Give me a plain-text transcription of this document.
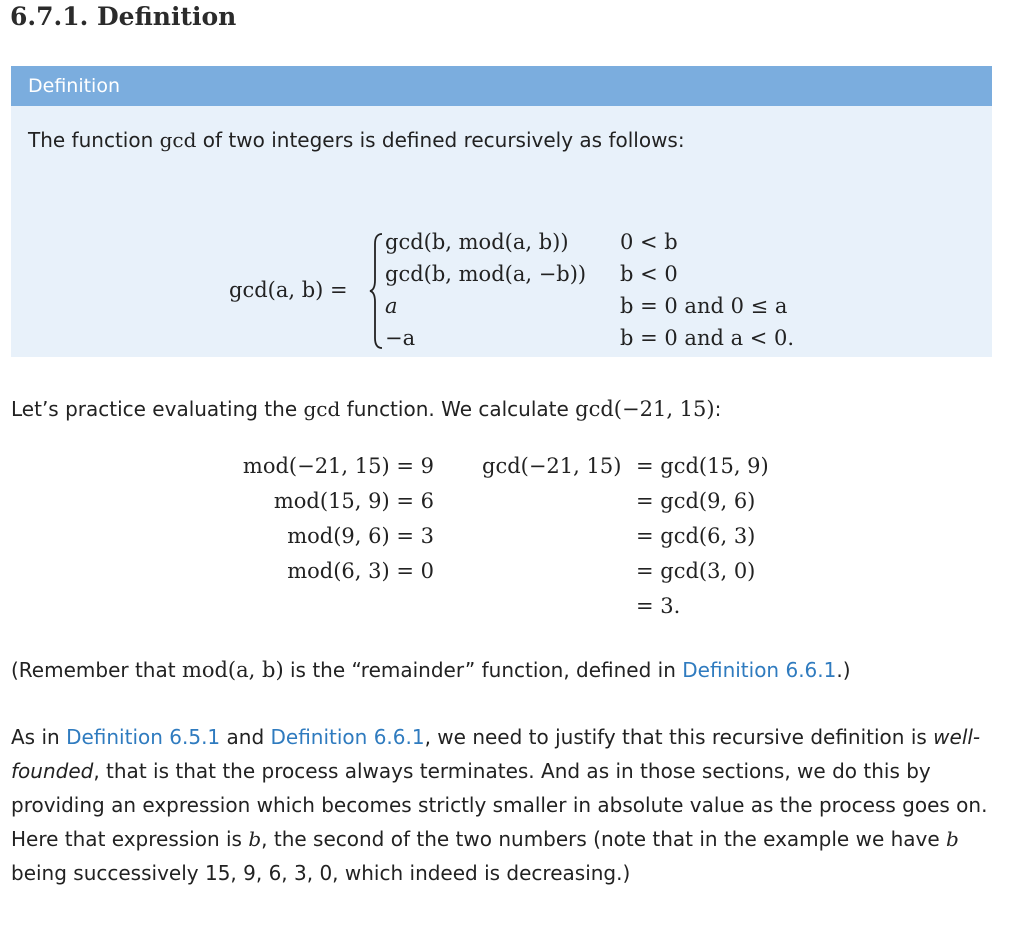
6.7.1. Definition
Definition

The function gcd of two integers is defined recursively as follows:

gcd(a, b) =
gcd(b, mod(a, b))
gcd(b, mod(a, −b))
a
−a
0 < b
b < 0
b = 0 and 0 ≤ a
b = 0 and a < 0.

Let’s practice evaluating the gcd function. We calculate gcd(−21, 15):

mod(−21, 15) = 9
mod(15, 9) = 6
mod(9, 6) = 3
mod(6, 3) = 0
gcd(−21, 15) = gcd(15, 9)
= gcd(9, 6)
= gcd(6, 3)
= gcd(3, 0)
= 3.

(Remember that mod(a, b) is the “remainder” function, defined in Definition 6.6.1.)

As in Definition 6.5.1 and Definition 6.6.1, we need to justify that this recursive definition is well-

founded, that is that the process always terminates. And as in those sections, we do this by

providing an expression which becomes strictly smaller in absolute value as the process goes on.

Here that expression is b, the second of the two numbers (note that in the example we have b

being successively 15, 9, 6, 3, 0, which indeed is decreasing.)
